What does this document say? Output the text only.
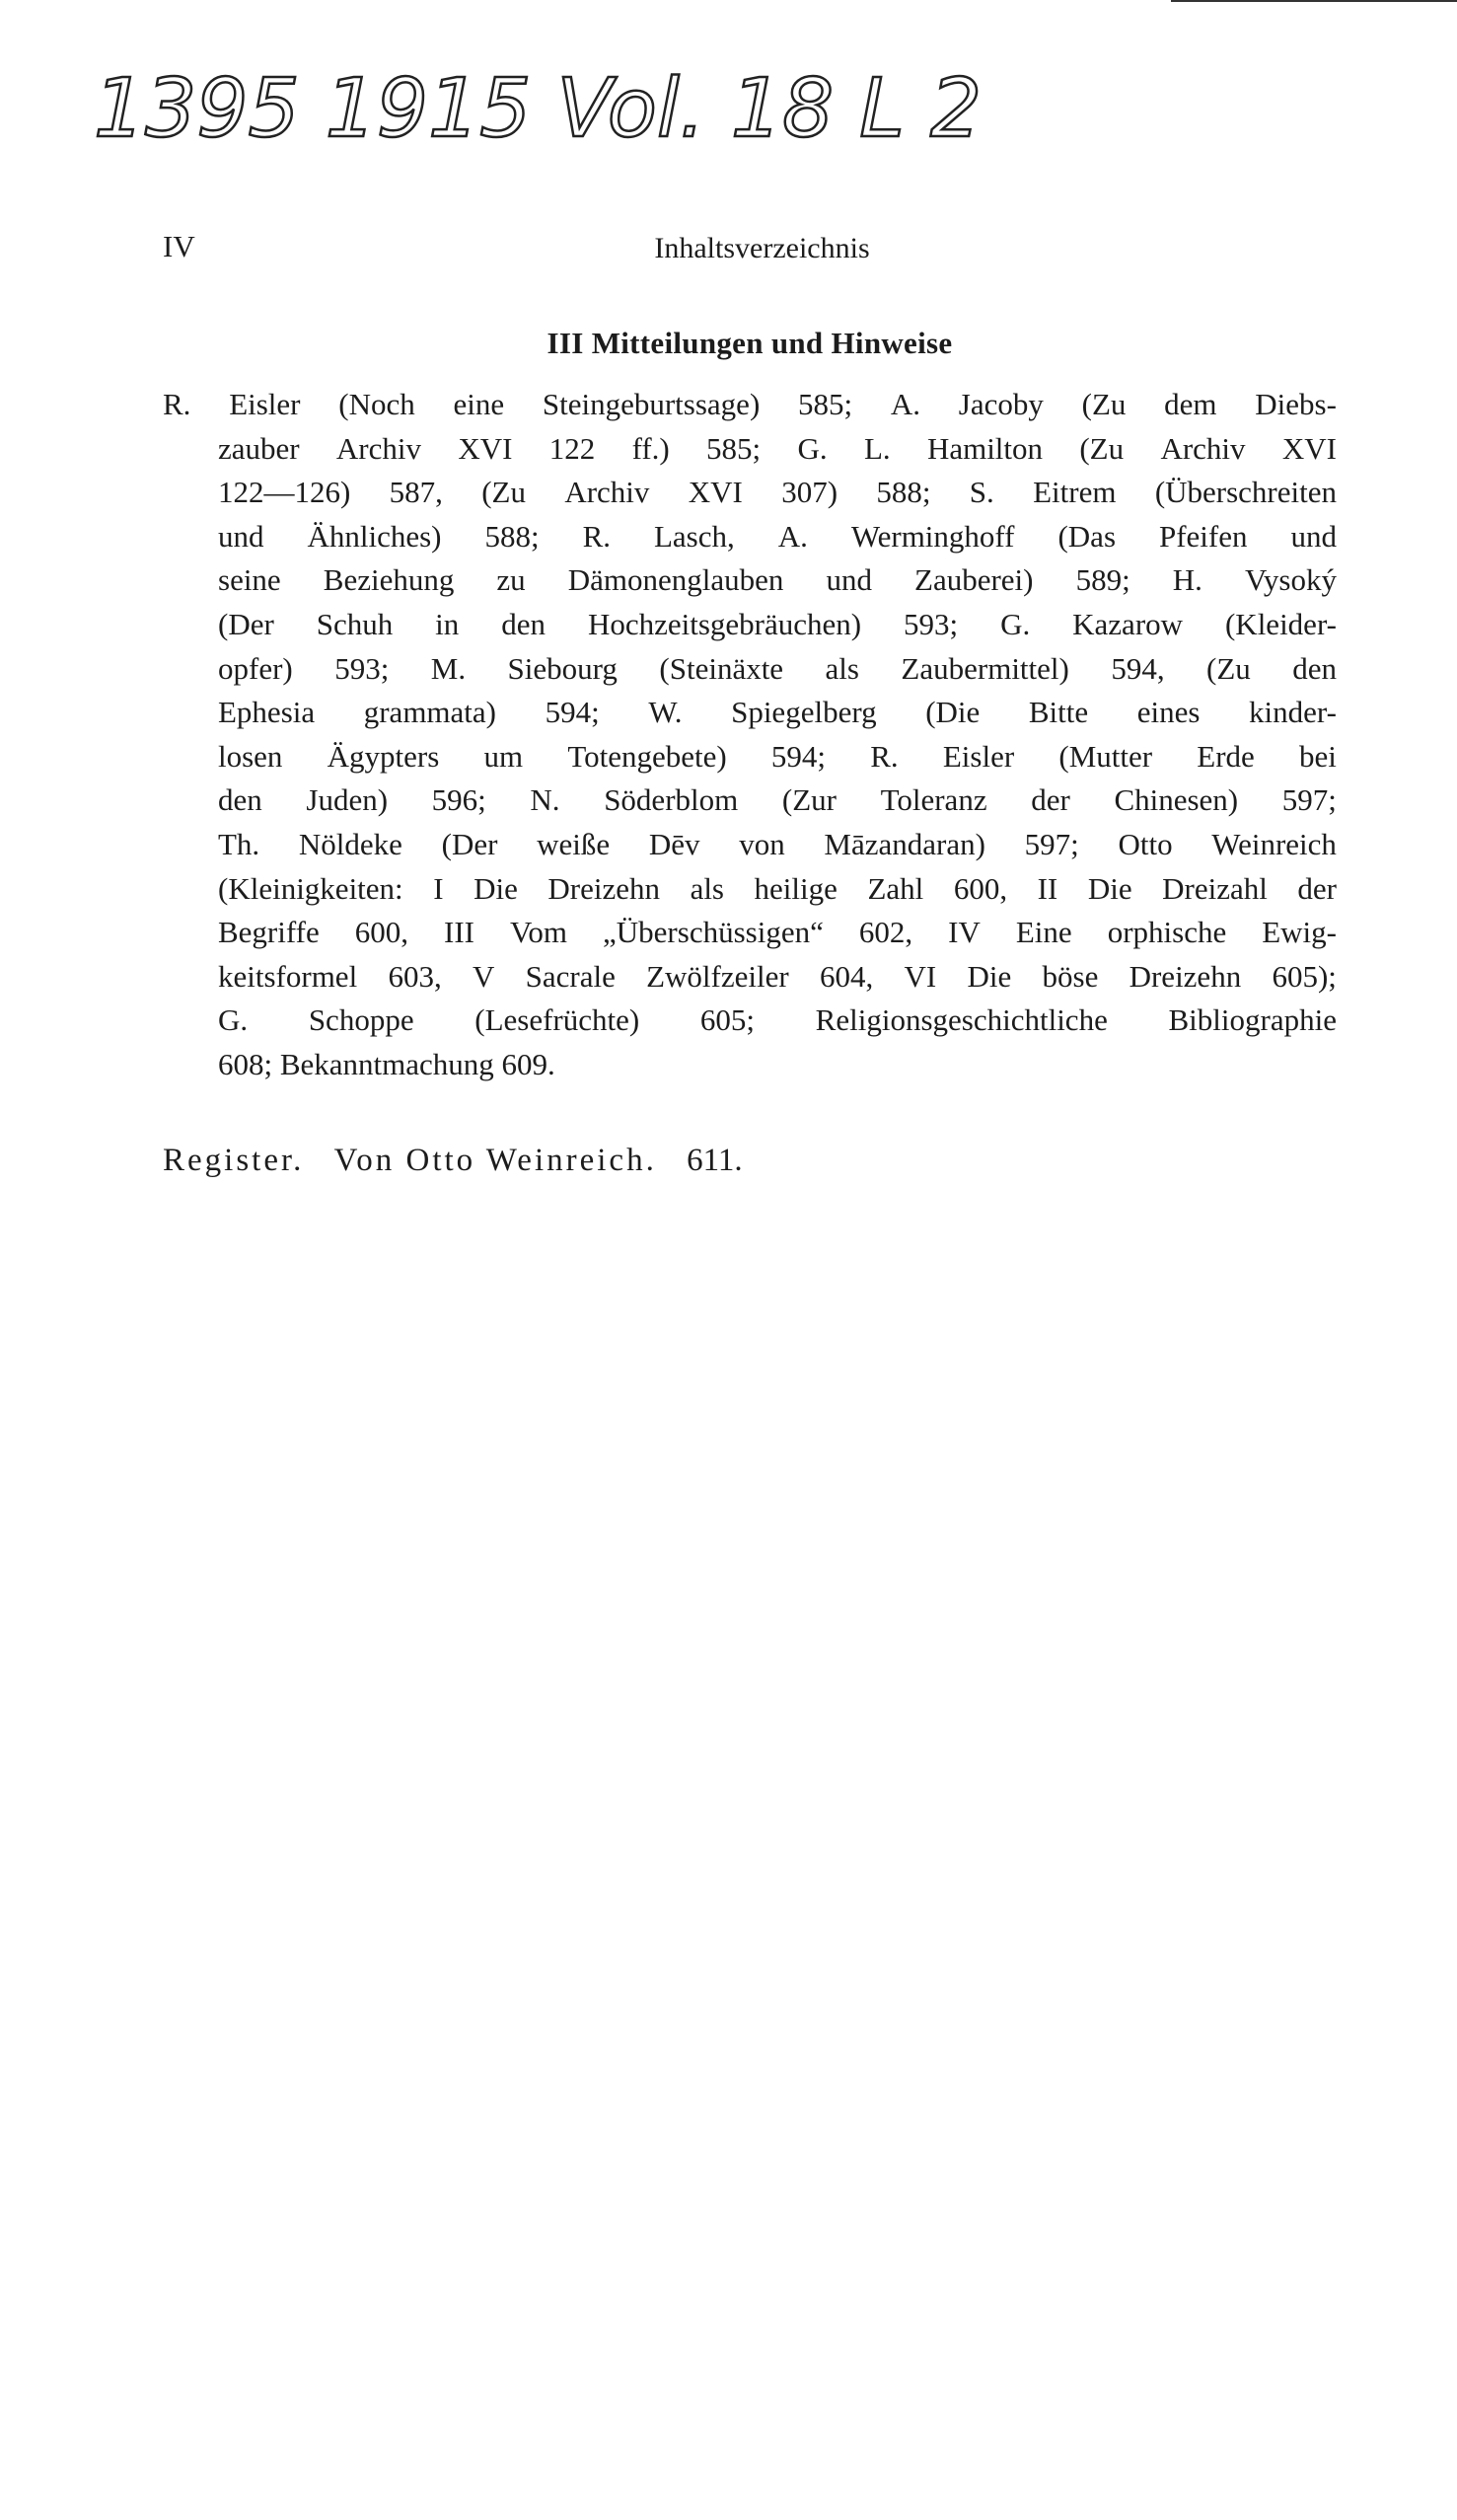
1395 1915 Vol. 18 L 2
IV	Inhaltsverzeichnis
III Mitteilungen und Hinweise
R. Eisler (Noch eine Steingeburtssage) 585; A. Jacoby (Zu dem Diebs-
zauber Archiv XVI 122 ff.) 585; G. L. Hamilton (Zu Archiv XVI
122—126) 587, (Zu Archiv XVI 307) 588; S. Eitrem (Überschreiten
und Ähnliches) 588; R. Lasch, A. Werminghoff (Das Pfeifen und
seine Beziehung zu Dämonenglauben und Zauberei) 589; H. Vysoký
(Der Schuh in den Hochzeitsgebräuchen) 593; G. Kazarow (Kleider-
opfer) 593; M. Siebourg (Steinäxte als Zaubermittel) 594, (Zu den
Ephesia grammata) 594; W. Spiegelberg (Die Bitte eines kinder-
losen Ägypters um Totengebete) 594; R. Eisler (Mutter Erde bei
den Juden) 596; N. Söderblom (Zur Toleranz der Chinesen) 597;
Th. Nöldeke (Der weiße Dēv von Māzandaran) 597; Otto Weinreich
(Kleinigkeiten: I Die Dreizehn als heilige Zahl 600, II Die Dreizahl der
Begriffe 600, III Vom „Überschüssigen“ 602, IV Eine orphische Ewig-
keitsformel 603, V Sacrale Zwölfzeiler 604, VI Die böse Dreizehn 605);
G. Schoppe (Lesefrüchte) 605; Religionsgeschichtliche Bibliographie
608; Bekanntmachung 609.
Register. Von Otto Weinreich. 611.
